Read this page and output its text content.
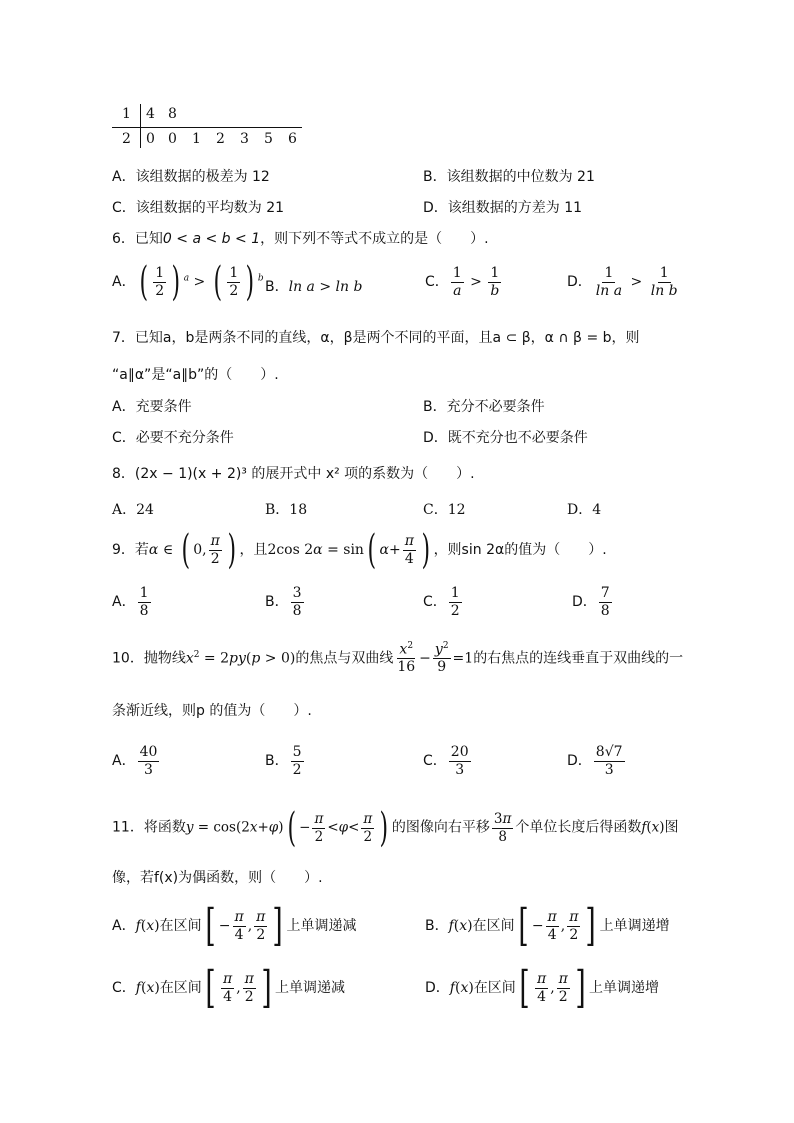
1 4 8
2 0 0 1 2 3 5 6
A．该组数据的极差为 12	B．该组数据的中位数为 21
C．该组数据的平均数为 21	D．该组数据的方差为 11
6．已知0 < a < b < 1，则下列不等式不成立的是（　　）.
A．( $\frac{1}{2}$ ) $^a$ > ( $\frac{1}{2}$ ) $^b$
B．ln a > ln b	C． $\frac{1}{a} > \frac{1}{b}$	D． $\frac{1}{\text{ln a}} > \frac{1}{\text{ln b}}$
7．已知a，b是两条不同的直线，α，β是两个不同的平面，且a ⊂ β，α ∩ β = b，则
“a∥α”是“a∥b”的（　　）.
A．充要条件	B．充分不必要条件
C．必要不充分条件	D．既不充分也不必要条件
8．(2x − 1)(x + 2)³ 的展开式中 x² 项的系数为（　　）.
A．24	B．18	C．12	D．4
9．若α ∈ ( 0, $\frac{\pi}{2}$ ) ，且2cos 2α = sin( $\alpha+ \frac{\pi}{4}$ ) ，则sin 2α的值为（　　）.
A． $\frac{1}{8}$	B． $\frac{3}{8}$	C． $\frac{1}{2}$	D． $\frac{7}{8}$
10．抛物线$x^2 = 2py(p > 0)$的焦点与双曲线 $\frac{x^2}{16} - \frac{y^2}{9} =1$的右焦点的连线垂直于双曲线的一
条渐近线，则p 的值为（　　）.
A． $\frac{40}{3}$	B． $\frac{5}{2}$	C． $\frac{20}{3}$	D． $\frac{8√7}{3}$
11．将函数$y = \cos(2x+\varphi)( - \frac{\pi}{2} <\varphi< \frac{\pi}{2}$ ) 的图像向右平移 $\frac{3\pi}{8}$ 个单位长度后得函数f(x)图
像，若f(x)为偶函数，则（　　）.
A．f(x)在区间[ − $\frac{\pi}{4}$ , $\frac{\pi}{2}$ ] 上单调递减	B．f(x)在区间[ − $\frac{\pi}{4}$ , $\frac{\pi}{2}$ ] 上单调递增
C．f(x)在区间[ $\frac{\pi}{4}$ , $\frac{\pi}{2}$ ] 上单调递减	D．f(x)在区间[ $\frac{\pi}{4}$ , $\frac{\pi}{2}$ ] 上单调递增
